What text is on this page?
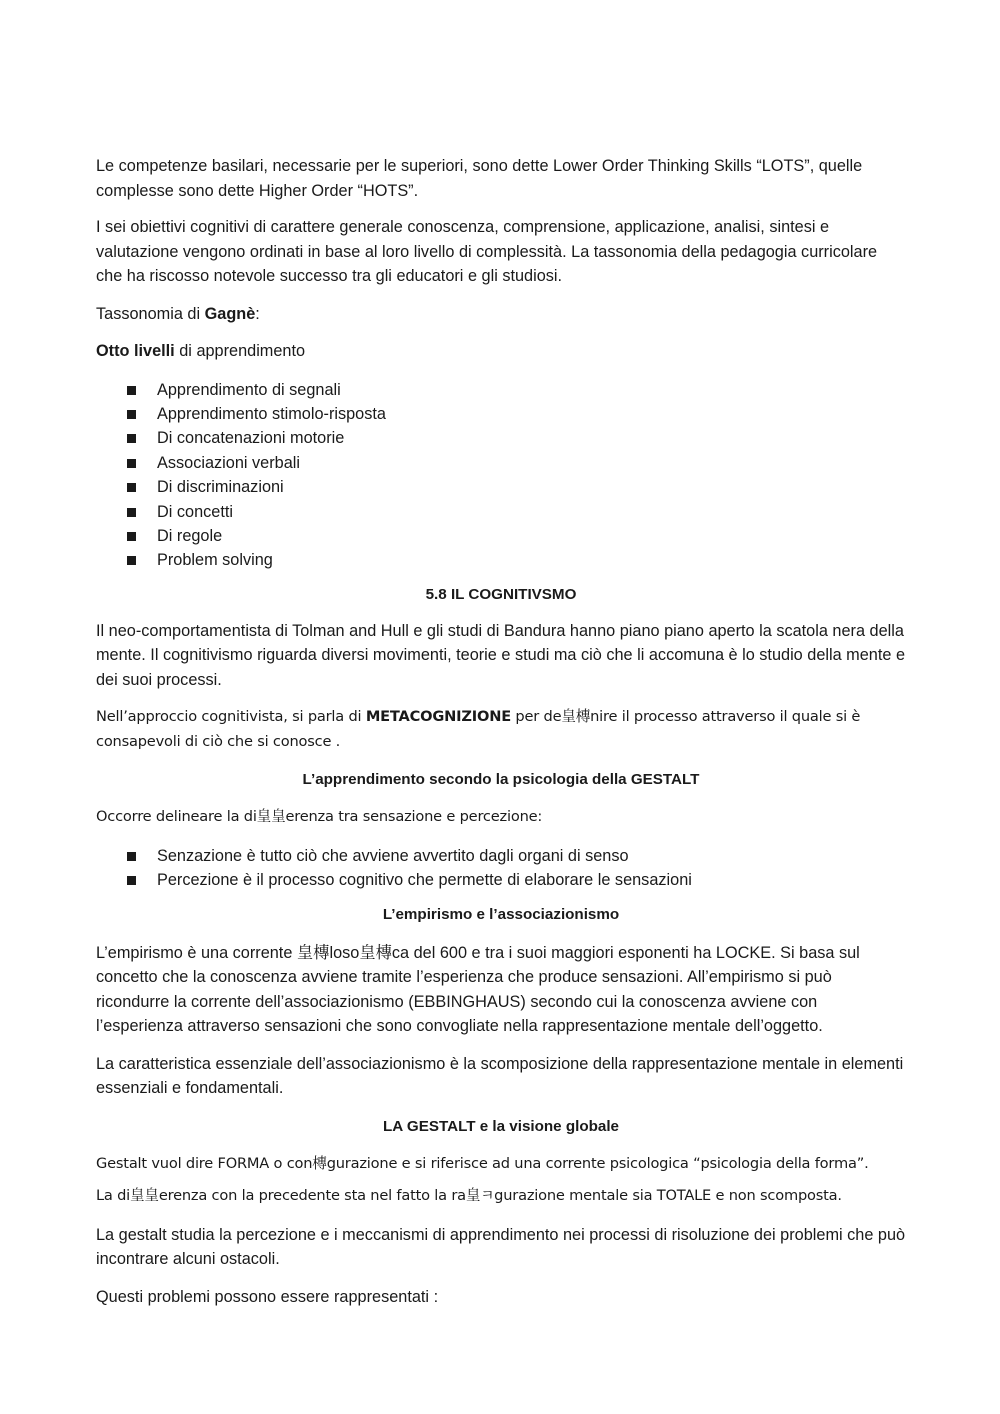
Le competenze basilari, necessarie per le superiori, sono dette Lower Order Thinking Skills “LOTS”, quelle complesse sono dette Higher Order “HOTS”.

I sei obiettivi cognitivi di carattere generale conoscenza, comprensione, applicazione, analisi, sintesi e valutazione vengono ordinati in base al loro livello di complessità. La tassonomia della pedagogia curricolare che ha riscosso notevole successo tra gli educatori e gli studiosi.

Tassonomia di Gagnè:

Otto livelli di apprendimento

Apprendimento di segnali
Apprendimento stimolo-risposta
Di concatenazioni motorie
Associazioni verbali
Di discriminazioni
Di concetti
Di regole
Problem solving
5.8 IL COGNITIVSMO

Il neo-comportamentista di Tolman and Hull e gli studi di Bandura hanno piano piano aperto la scatola nera della mente. Il cognitivismo riguarda diversi movimenti, teorie e studi ma ciò che li accomuna è lo studio della mente e dei suoi processi.

Nell’approccio cognitivista, si parla di METACOGNIZIONE per de皇槫nire il processo attraverso il quale si è consapevoli di ciò che si conosce .

L’apprendimento secondo la psicologia della GESTALT

Occorre delineare la di皇皇erenza tra sensazione e percezione:

Senzazione è tutto ciò che avviene avvertito dagli organi di senso
Percezione è il processo cognitivo che permette di elaborare le sensazioni
L’empirismo e l’associazionismo

L’empirismo è una corrente 皇槫losо皇槫ca del 600 e tra i suoi maggiori esponenti ha LOCKE. Si basa sul concetto che la conoscenza avviene tramite l’esperienza che produce sensazioni. All’empirismo si può ricondurre la corrente dell’associazionismo (EBBINGHAUS) secondo cui la conoscenza avviene con l’esperienza attraverso sensazioni che sono convogliate nella rappresentazione mentale dell’oggetto.

La caratteristica essenziale dell’associazionismo è la scomposizione della rappresentazione mentale in elementi essenziali e fondamentali.

LA GESTALT e la visione globale

Gestalt vuol dire FORMA o con槫gurazione e si riferisce ad una corrente psicologica “psicologia della forma”.

La di皇皇erenza con la precedente sta nel fatto la ra皇ㅋgurazione mentale sia TOTALE e non scomposta.

La gestalt studia la percezione e i meccanismi di apprendimento nei processi di risoluzione dei problemi che può incontrare alcuni ostacoli.

Questi problemi possono essere rappresentati :
